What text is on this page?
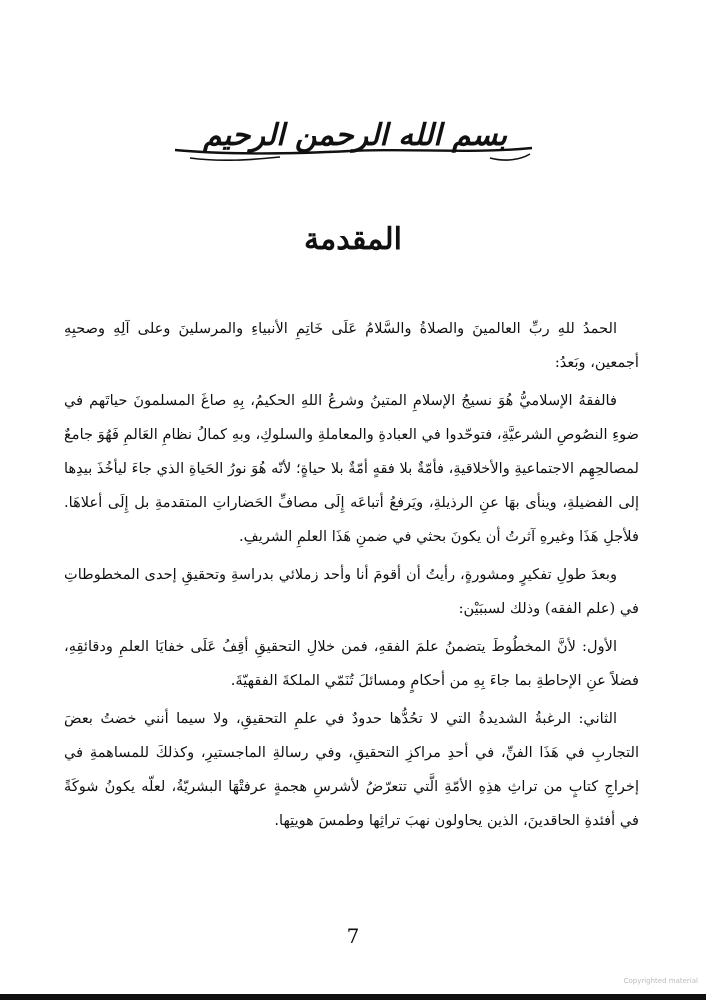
بسم الله الرحمن الرحيم
المقدمة

الحمدُ للهِ ربِّ العالمينَ والصلاةُ والسَّلامُ عَلَى خَاتِمِ الأنبياءِ والمرسلينَ وعلى آلِهِ وصحبِهِ أجمعين، وبَعدُ:

فالفقهُ الإسلاميُّ هُوَ نسيجُ الإسلامِ المتينُ وشرعُ اللهِ الحكيمُ، بِهِ صاغَ المسلمونَ حياتَهم في ضوءِ النصُوصِ الشرعيَّةِ، فتوحّدوا في العبادةِ والمعاملةِ والسلوكِ، وبهِ كمالُ نظامِ العَالمِ فَهُوَ جامعٌ لمصالحِهِم الاجتماعيةِ والأخلاقيةِ، فأمّةٌ بلا فقهٍ أمّةٌ بلا حياةٍ؛ لأنّه هُوَ نورُ الحَياةِ الذي جاءَ ليأخُذَ بيدِها إلى الفضيلةِ، وينأى بهَا عنِ الرذيلةِ، ويَرفعُ أتباعَه إِلَى مصافِّ الحَضاراتِ المتقدمةِ بل إِلَى أعلاهَا. فلأجلِ هَذَا وغيرهِ آثرتُ أن يكونَ بحثي في ضمنِ هَذَا العلمِ الشريفِ.

وبعدَ طولِ تفكيرٍ ومشورةٍ، رأيتُ أن أقومَ أنا وأحد زملائي بدراسةِ وتحقيقِ إحدى المخطوطاتِ في (علم الفقه) وذلك لسببَيْن:

الأول: لأنَّ المخطُوطَ يتضمنُ علمَ الفقهِ، فمن خلالِ التحقيقِ أقِفُ عَلَى خفايَا العلمِ ودقائقِهِ، فضلاً عنِ الإحاطةِ بما جاءَ بِهِ من أحكامٍ ومسائلَ تُنَمّي الملكةَ الفقهيّةَ.

الثاني: الرغبةُ الشديدةُ التي لا تحُدُّها حدودٌ في علمِ التحقيقِ، ولا سيما أنني خضتُ بعضَ التجاربِ في هَذَا الفنِّ، في أحدِ مراكزِ التحقيقِ، وفي رسالةِ الماجستيرِ، وكذلكَ للمساهمةِ في إخراجِ كتابٍ من تراثِ هذِهِ الأمّةِ الَّتي تتعرّضُ لأشرسِ هجمةٍ عرفتْهَا البشريّةُ، لعلّه يكونُ شوكَةً في أفئدةِ الحاقدينَ، الذين يحاولون نهبَ تراثِها وطمسَ هويتِها.

7
Copyrighted material
